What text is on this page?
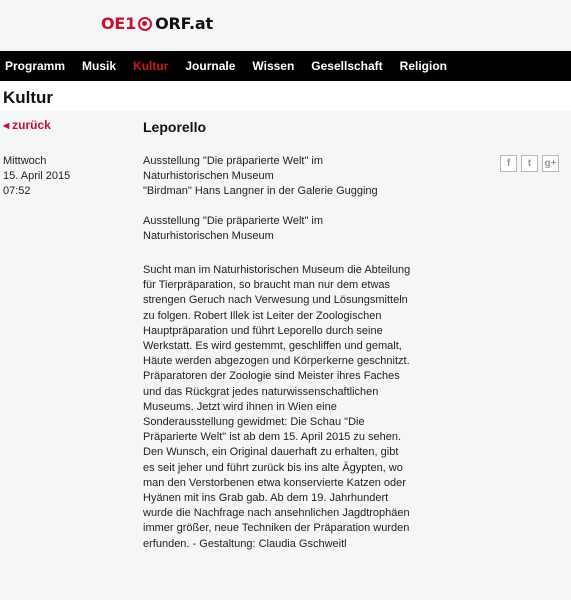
OE1 ORF.at
Programm Musik Kultur Journale Wissen Gesellschaft Religion
Kultur
◀ zurück	Leporello
Mittwoch
15. April 2015
07:52
f	t	g+
Ausstellung "Die präparierte Welt" im
Naturhistorischen Museum
"Birdman" Hans Langner in der Galerie Gugging
Ausstellung "Die präparierte Welt" im
Naturhistorischen Museum
Sucht man im Naturhistorischen Museum die Abteilung
für Tierpräparation, so braucht man nur dem etwas
strengen Geruch nach Verwesung und Lösungsmitteln
zu folgen. Robert Illek ist Leiter der Zoologischen
Hauptpräparation und führt Leporello durch seine
Werkstatt. Es wird gestemmt, geschliffen und gemalt,
Häute werden abgezogen und Körperkerne geschnitzt.
Präparatoren der Zoologie sind Meister ihres Faches
und das Rückgrat jedes naturwissenschaftlichen
Museums. Jetzt wird ihnen in Wien eine
Sonderausstellung gewidmet: Die Schau "Die
Präparierte Welt" ist ab dem 15. April 2015 zu sehen.
Den Wunsch, ein Original dauerhaft zu erhalten, gibt
es seit jeher und führt zurück bis ins alte Ägypten, wo
man den Verstorbenen etwa konservierte Katzen oder
Hyänen mit ins Grab gab. Ab dem 19. Jahrhundert
wurde die Nachfrage nach ansehnlichen Jagdtrophäen
immer größer, neue Techniken der Präparation wurden
erfunden. - Gestaltung: Claudia Gschweitl
